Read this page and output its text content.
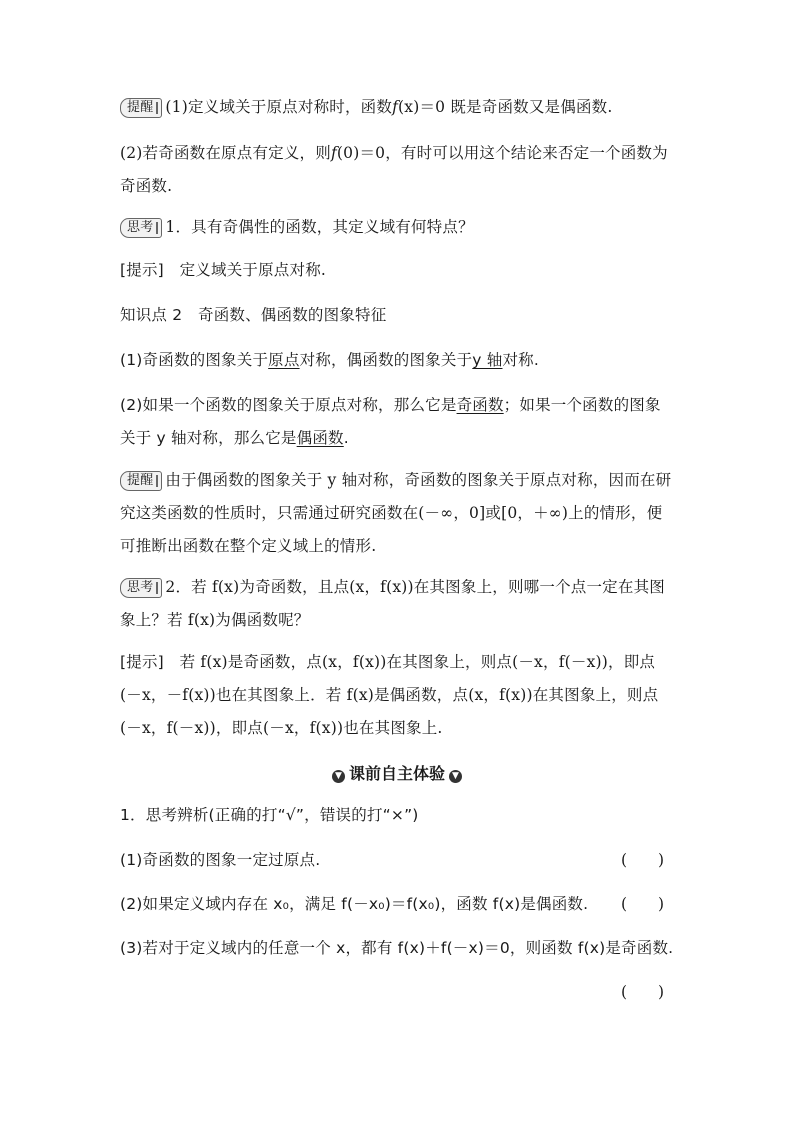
提醒 (1)定义域关于原点对称时，函数f(x)＝0 既是奇函数又是偶函数.
(2)若奇函数在原点有定义，则f(0)＝0，有时可以用这个结论来否定一个函数为奇函数.
思考 1．具有奇偶性的函数，其定义域有何特点？
[提示]　定义域关于原点对称.
知识点 2　奇函数、偶函数的图象特征
(1)奇函数的图象关于原点对称，偶函数的图象关于y 轴对称.
(2)如果一个函数的图象关于原点对称，那么它是奇函数；如果一个函数的图象关于 y 轴对称，那么它是偶函数.
提醒 由于偶函数的图象关于 y 轴对称，奇函数的图象关于原点对称，因而在研究这类函数的性质时，只需通过研究函数在(－∞，0]或[0，＋∞)上的情形，便可推断出函数在整个定义域上的情形.
思考 2．若 f(x)为奇函数，且点(x，f(x))在其图象上，则哪一个点一定在其图象上？若 f(x)为偶函数呢？
[提示]　若 f(x)是奇函数，点(x，f(x))在其图象上，则点(－x，f(－x))，即点(－x，－f(x))也在其图象上．若 f(x)是偶函数，点(x，f(x))在其图象上，则点(－x，f(－x))，即点(－x，f(x))也在其图象上.
▼ 课前自主体验 ▼
1．思考辨析(正确的打“√”，错误的打“×”)
(1)奇函数的图象一定过原点.	(　　)
(2)如果定义域内存在 x₀，满足 f(－x₀)＝f(x₀)，函数 f(x)是偶函数.	(　　)
(3)若对于定义域内的任意一个 x，都有 f(x)＋f(－x)＝0，则函数 f(x)是奇函数.
(　　)
